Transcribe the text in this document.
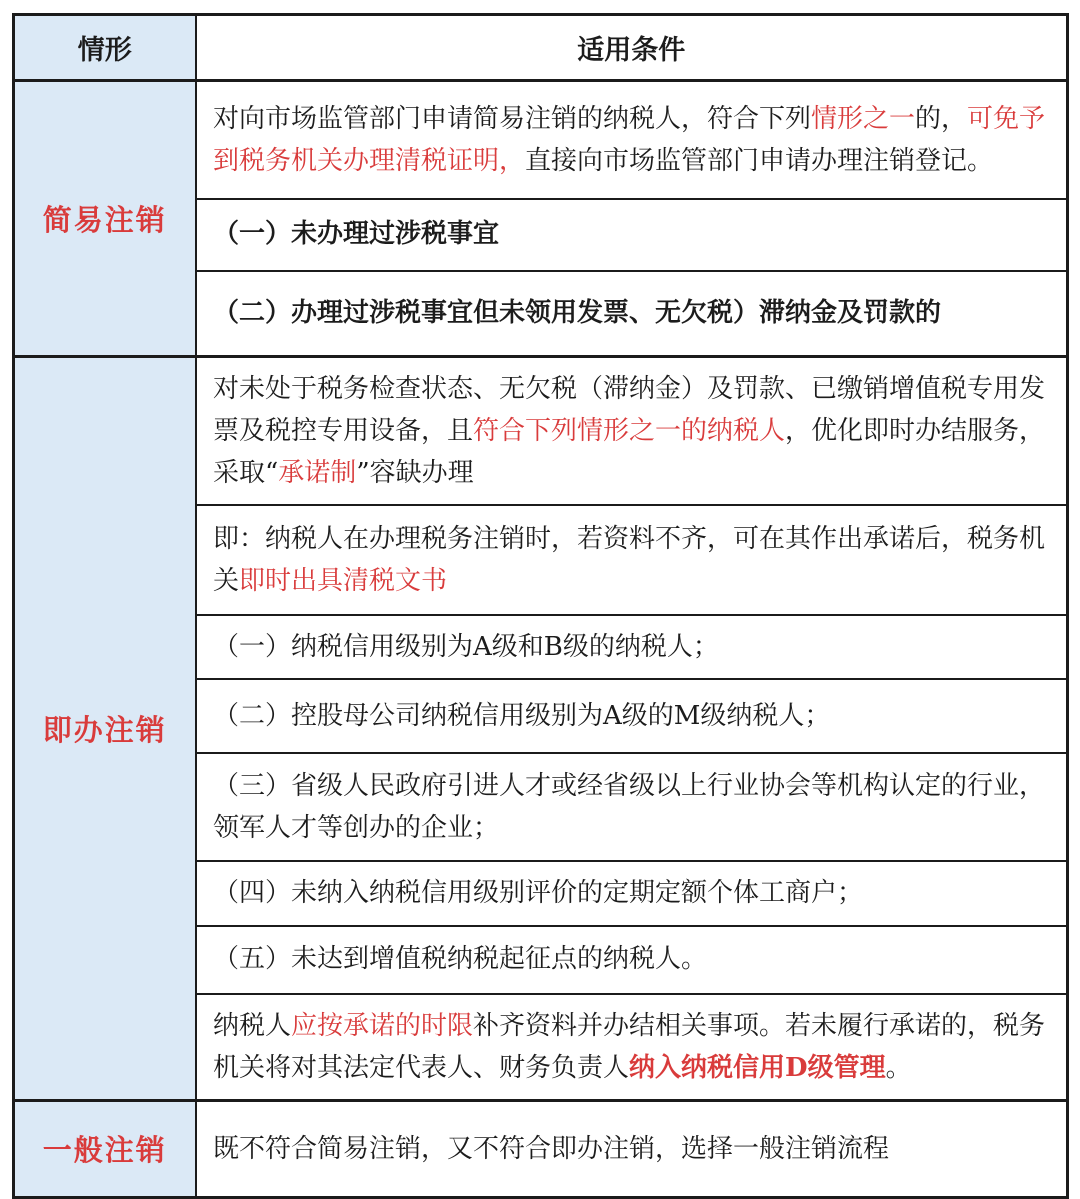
情形	适用条件
简易注销	对向市场监管部门申请简易注销的纳税人，符合下列情形之一的，可免予到税务机关办理清税证明，直接向市场监管部门申请办理注销登记。
	（一）未办理过涉税事宜
	（二）办理过涉税事宜但未领用发票、无欠税）滞纳金及罚款的
即办注销	对未处于税务检查状态、无欠税（滞纳金）及罚款、已缴销增值税专用发票及税控专用设备，且符合下列情形之一的纳税人，优化即时办结服务，采取“承诺制”容缺办理
	即：纳税人在办理税务注销时，若资料不齐，可在其作出承诺后，税务机关即时出具清税文书
	（一）纳税信用级别为A级和B级的纳税人；
	（二）控股母公司纳税信用级别为A级的M级纳税人；
	（三）省级人民政府引进人才或经省级以上行业协会等机构认定的行业，领军人才等创办的企业；
	（四）未纳入纳税信用级别评价的定期定额个体工商户；
	（五）未达到增值税纳税起征点的纳税人。
	纳税人应按承诺的时限补齐资料并办结相关事项。若未履行承诺的，税务机关将对其法定代表人、财务负责人纳入纳税信用D级管理。
一般注销	既不符合简易注销，又不符合即办注销，选择一般注销流程
